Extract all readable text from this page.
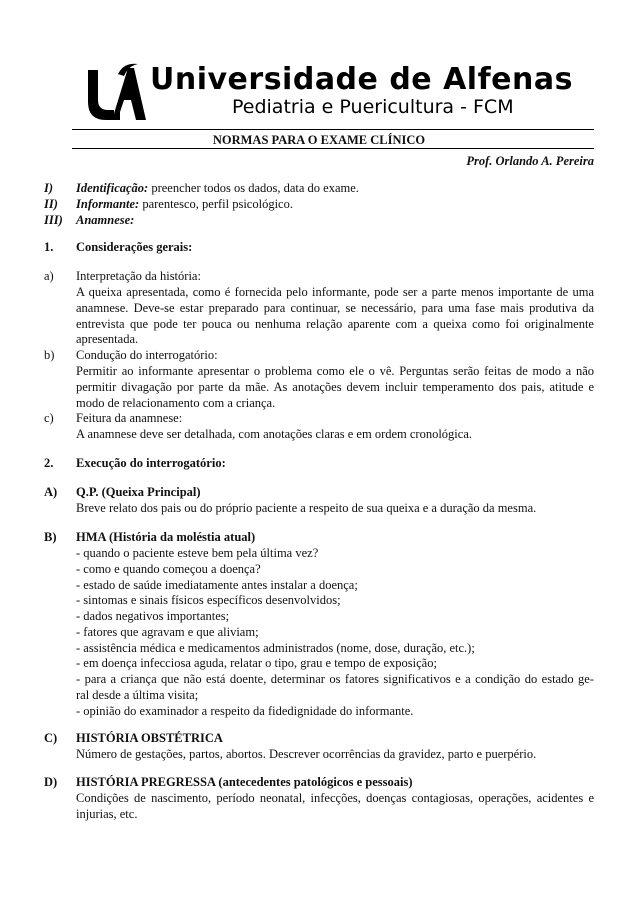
Universidade de Alfenas
Pediatria e Puericultura - FCM
NORMAS PARA O EXAME CLÍNICO
Prof. Orlando A. Pereira
I) Identificação: preencher todos os dados, data do exame.
II) Informante: parentesco, perfil psicológico.
III) Anamnese:
1. Considerações gerais:
a) Interpretação da história:
A queixa apresentada, como é fornecida pelo informante, pode ser a parte menos importante de uma anamnese. Deve-se estar preparado para continuar, se necessário, para uma fase mais produtiva da entrevista que pode ter pouca ou nenhuma relação aparente com a queixa como foi originalmente apresentada.
b) Condução do interrogatório:
Permitir ao informante apresentar o problema como ele o vê. Perguntas serão feitas de modo a não permitir divagação por parte da mãe. As anotações devem incluir temperamento dos pais, atitude e modo de relacionamento com a criança.
c) Feitura da anamnese:
A anamnese deve ser detalhada, com anotações claras e em ordem cronológica.
2. Execução do interrogatório:
A) Q.P. (Queixa Principal)
Breve relato dos pais ou do próprio paciente a respeito de sua queixa e a duração da mesma.
B) HMA (História da moléstia atual)
- quando o paciente esteve bem pela última vez?
- como e quando começou a doença?
- estado de saúde imediatamente antes instalar a doença;
- sintomas e sinais físicos específicos desenvolvidos;
- dados negativos importantes;
- fatores que agravam e que aliviam;
- assistência médica e medicamentos administrados (nome, dose, duração, etc.);
- em doença infecciosa aguda, relatar o tipo, grau e tempo de exposição;
- para a criança que não está doente, determinar os fatores significativos e a condição do estado ge-
ral desde a última visita;
- opinião do examinador a respeito da fidedignidade do informante.
C) HISTÓRIA OBSTÉTRICA
Número de gestações, partos, abortos. Descrever ocorrências da gravidez, parto e puerpério.
D) HISTÓRIA PREGRESSA (antecedentes patológicos e pessoais)
Condições de nascimento, período neonatal, infecções, doenças contagiosas, operações, acidentes e injurias, etc.
